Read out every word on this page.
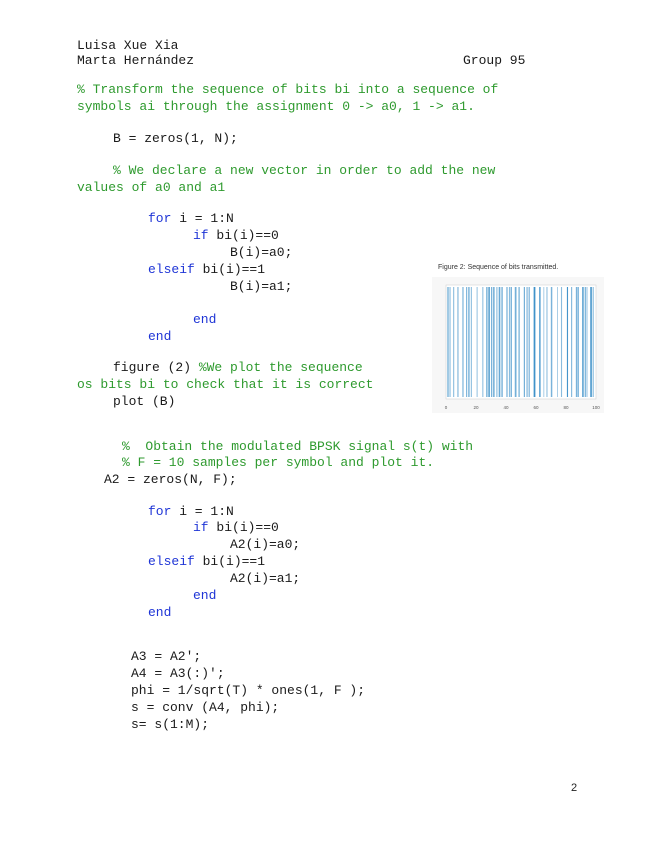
Luisa Xue Xia

Marta Hernández

	Group 95

% Transform the sequence of bits bi into a sequence of

symbols ai through the assignment 0 -> a0, 1 -> a1.

B = zeros(1, N);

% We declare a new vector in order to add the new

values of a0 and a1

for i = 1:N

if bi(i)==0

B(i)=a0;

elseif bi(i)==1

B(i)=a1;

end

end

figure (2) %We plot the sequence

os bits bi to check that it is correct

plot (B)

%  Obtain the modulated BPSK signal s(t) with

% F = 10 samples per symbol and plot it.

A2 = zeros(N, F);

for i = 1:N

if bi(i)==0

A2(i)=a0;

elseif bi(i)==1

A2(i)=a1;

end

end

A3 = A2';

A4 = A3(:)';

phi = 1/sqrt(T) * ones(1, F );

s = conv (A4, phi);

s= s(1:M);

Figure 2: Sequence of bits transmitted.
0	20	40	60	80	100
2
